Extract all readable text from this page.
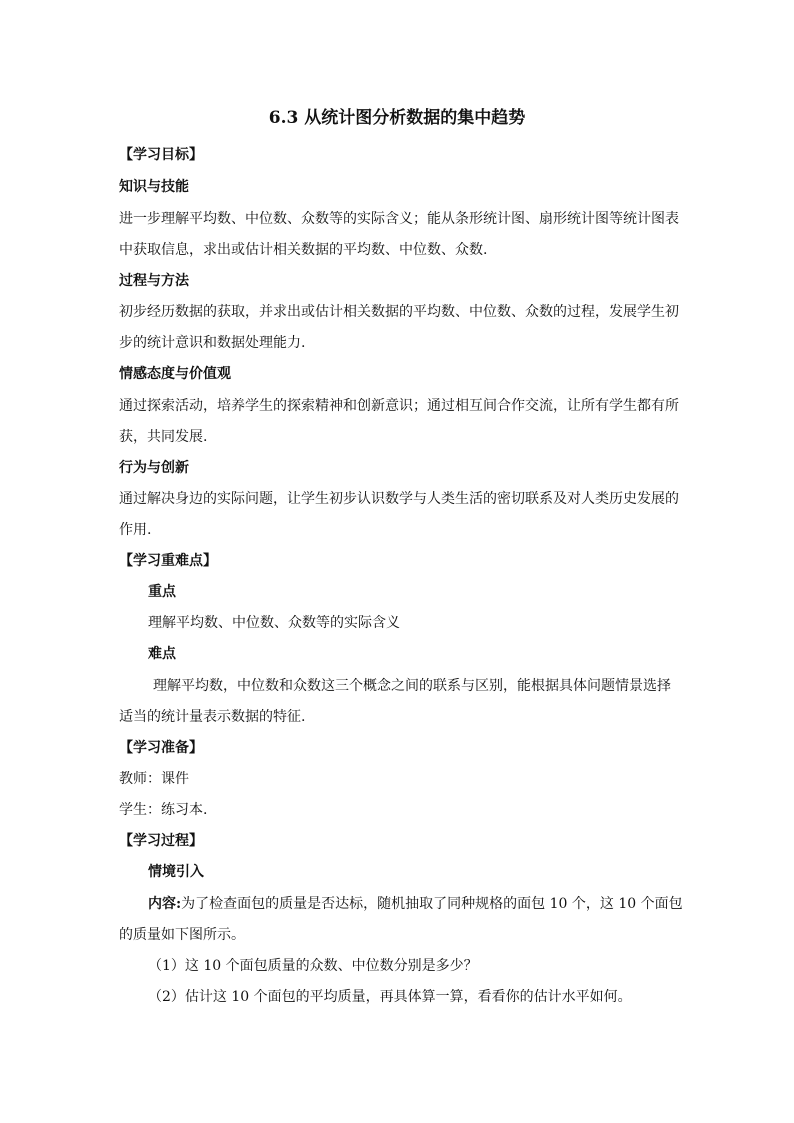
6.3 从统计图分析数据的集中趋势
【学习目标】
知识与技能
进一步理解平均数、中位数、众数等的实际含义；能从条形统计图、扇形统计图等统计图表
中获取信息，求出或估计相关数据的平均数、中位数、众数.
过程与方法
初步经历数据的获取，并求出或估计相关数据的平均数、中位数、众数的过程，发展学生初
步的统计意识和数据处理能力.
情感态度与价值观
通过探索活动，培养学生的探索精神和创新意识；通过相互间合作交流，让所有学生都有所
获，共同发展.
行为与创新
通过解决身边的实际问题，让学生初步认识数学与人类生活的密切联系及对人类历史发展的
作用.
【学习重难点】
重点
理解平均数、中位数、众数等的实际含义
难点
理解平均数，中位数和众数这三个概念之间的联系与区别，能根据具体问题情景选择
适当的统计量表示数据的特征.
【学习准备】
教师：课件
学生：练习本.
【学习过程】
情境引入
内容:为了检查面包的质量是否达标，随机抽取了同种规格的面包 10 个，这 10 个面包
的质量如下图所示。
（1）这 10 个面包质量的众数、中位数分别是多少？
（2）估计这 10 个面包的平均质量，再具体算一算，看看你的估计水平如何。
